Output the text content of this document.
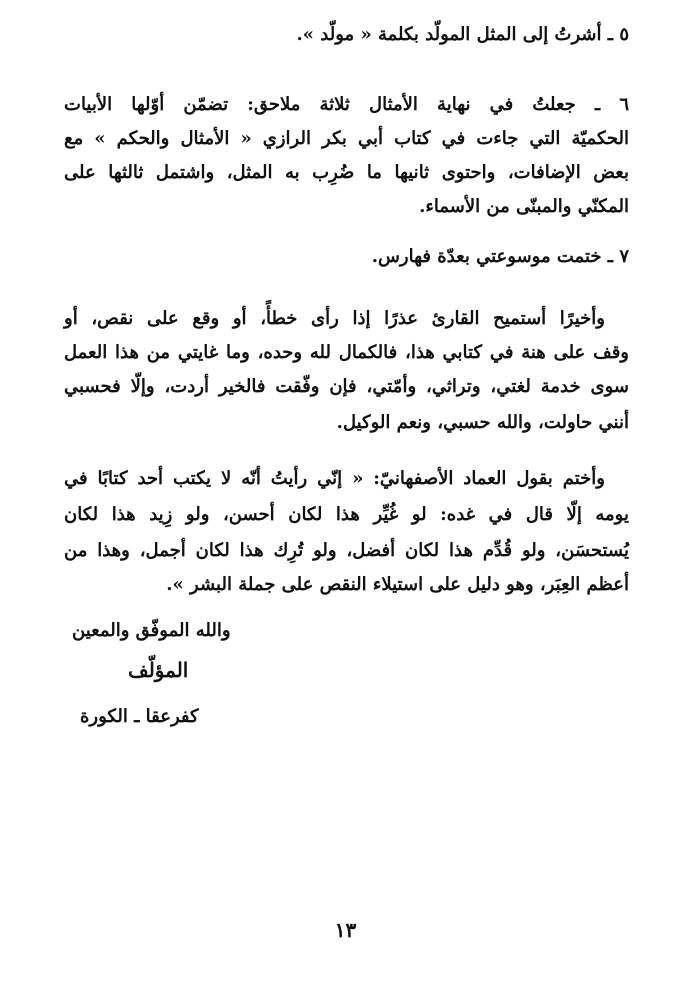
٥ ـ أشرتُ إلى المثل المولّد بكلمة « مولّد ».
٦ ـ جعلتُ في نهاية الأمثال ثلاثة ملاحق: تضمّن أوّلها الأبيات
الحكميّة التي جاءت في كتاب أبي بكر الرازي « الأمثال والحكم » مع
بعض الإضافات، واحتوى ثانيها ما ضُرِب به المثل، واشتمل ثالثها على
المكنّي والمبنّى من الأسماء.
٧ ـ ختمت موسوعتي بعدّة فهارس.
وأخيرًا أستميح القارئ عذرًا إذا رأى خطأً، أو وقع على نقص، أو
وقف على هنة في كتابي هذا، فالكمال لله وحده، وما غايتي من هذا العمل
سوى خدمة لغتي، وتراثي، وأمّتي، فإن وفّقت فالخير أردت، وإلّا فحسبي
أنني حاولت، والله حسبي، ونعم الوكيل.
وأختم بقول العماد الأصفهانيّ: « إنّي رأيتُ أنّه لا يكتب أحد كتابًا في
يومه إلّا قال في غده: لو غُيِّر هذا لكان أحسن، ولو زِيد هذا لكان
يُستحسَن، ولو قُدِّم هذا لكان أفضل، ولو تُرِك هذا لكان أجمل، وهذا من
أعظم العِبَر، وهو دليل على استيلاء النقص على جملة البشر ».
والله الموفّق والمعين
المؤلّف
كفرعقا ـ الكورة
١٣
